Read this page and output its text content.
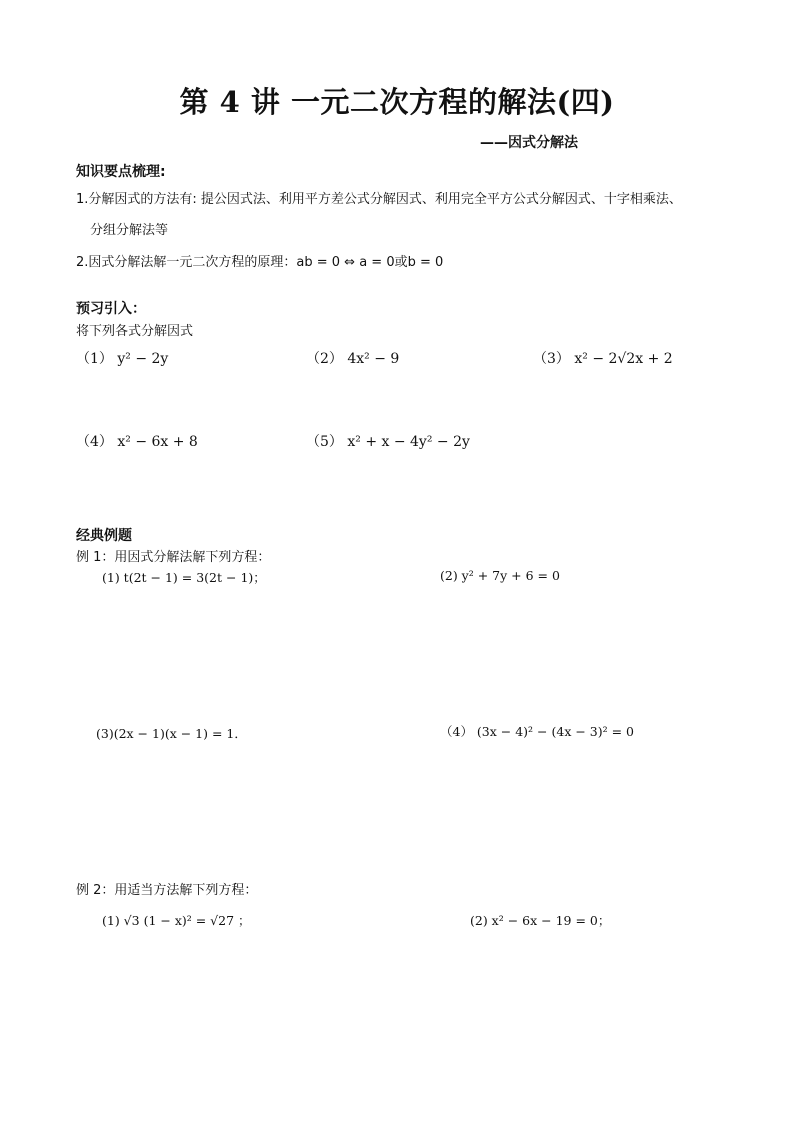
第 4 讲 一元二次方程的解法(四)
——因式分解法
知识要点梳理:
1.分解因式的方法有: 提公因式法、利用平方差公式分解因式、利用完全平方公式分解因式、十字相乘法、
分组分解法等
2.因式分解法解一元二次方程的原理：ab = 0 ⇔ a = 0或b = 0
预习引入：
将下列各式分解因式
（1） y² − 2y	（2） 4x² − 9	（3） x² − 2√2x + 2
（4） x² − 6x + 8	（5） x² + x − 4y² − 2y
经典例题
例 1：用因式分解法解下列方程：
(1) t(2t − 1) = 3(2t − 1)；	(2) y² + 7y + 6 = 0
(3)(2x − 1)(x − 1) = 1．	（4） (3x − 4)² − (4x − 3)² = 0
例 2：用适当方法解下列方程：
(1) √3 (1 − x)² = √27 ；	(2) x² − 6x − 19 = 0；
